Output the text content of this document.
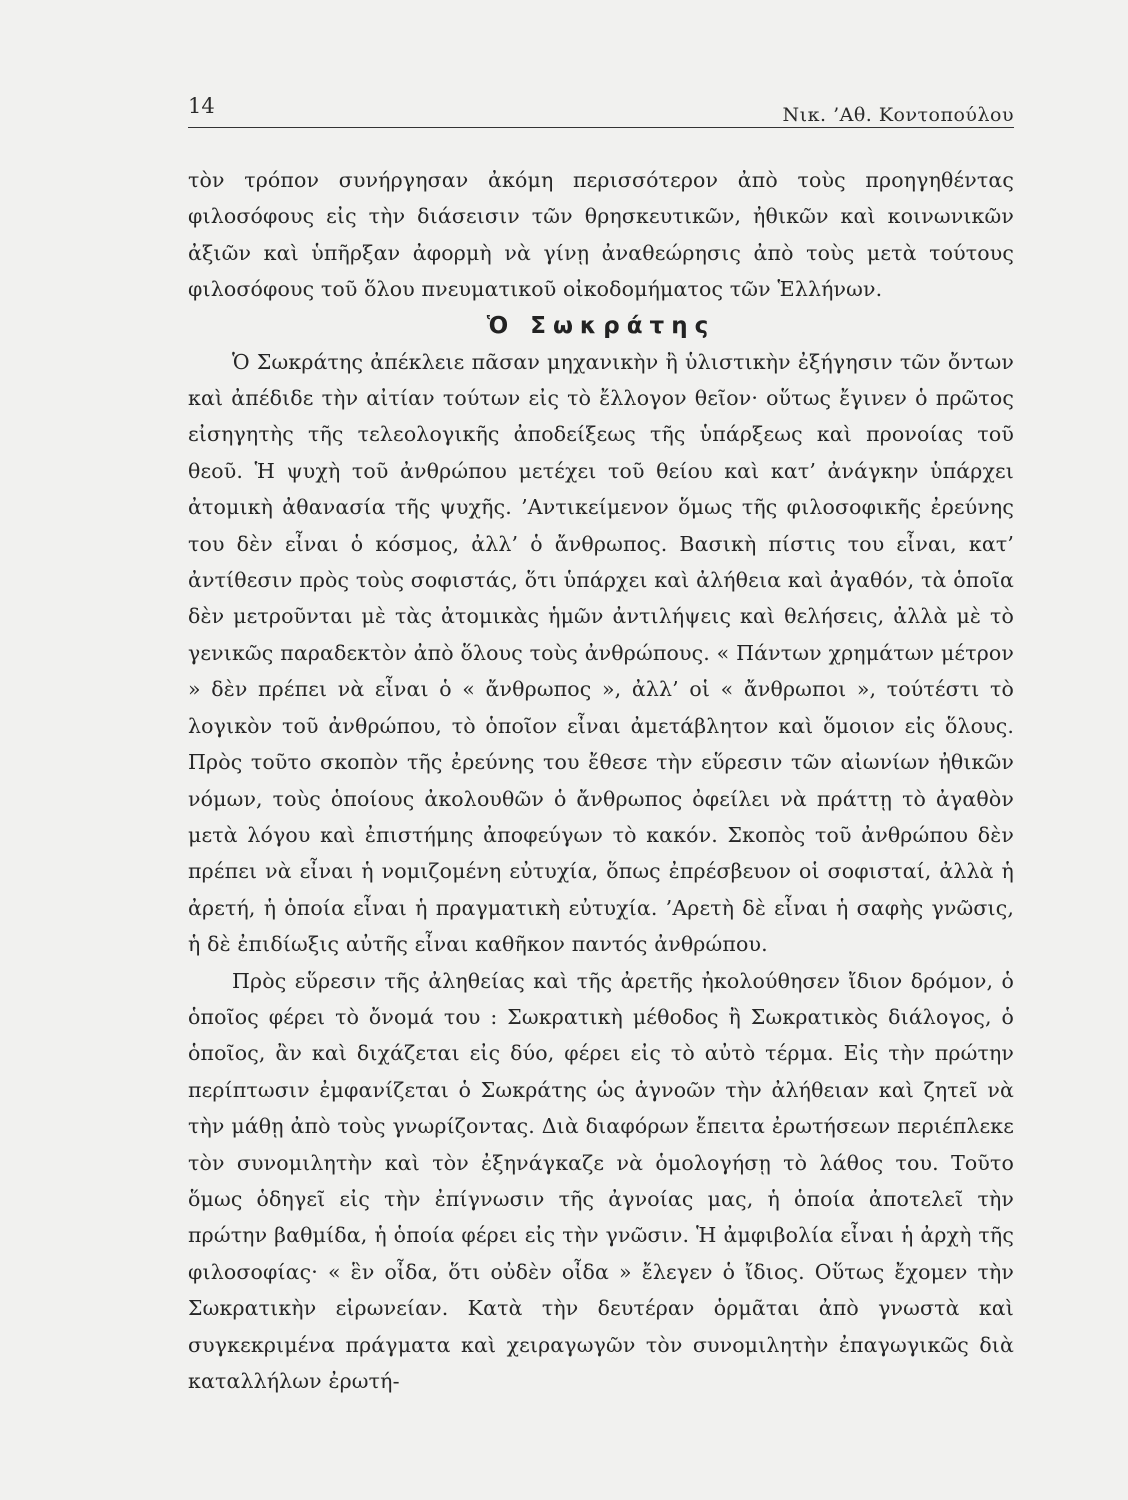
14	Νικ. ’Αθ. Κοντοπούλου

τὸν τρόπον συνήργησαν ἀκόμη περισσότερον ἀπὸ τοὺς προηγηθέντας φιλοσόφους εἰς τὴν διάσεισιν τῶν θρησκευτικῶν, ἠθικῶν καὶ κοινωνικῶν ἀξιῶν καὶ ὑπῆρξαν ἀφορμὴ νὰ γίνῃ ἀναθεώρησις ἀπὸ τοὺς μετὰ τούτους φιλοσόφους τοῦ ὅλου πνευματικοῦ οἰκοδομήματος τῶν Ἑλλήνων.

Ὁ Σωκράτης

Ὁ Σωκράτης ἀπέκλειε πᾶσαν μηχανικὴν ἢ ὑλιστικὴν ἐξήγησιν τῶν ὄντων καὶ ἀπέδιδε τὴν αἰτίαν τούτων εἰς τὸ ἔλλογον θεῖον· οὕτως ἔγινεν ὁ πρῶτος εἰσηγητὴς τῆς τελεολογικῆς ἀποδείξεως τῆς ὑπάρξεως καὶ προνοίας τοῦ θεοῦ. Ἡ ψυχὴ τοῦ ἀνθρώπου μετέχει τοῦ θείου καὶ κατ’ ἀνάγκην ὑπάρχει ἀτομικὴ ἀθανασία τῆς ψυχῆς. ’Αντικείμενον ὅμως τῆς φιλοσοφικῆς ἐρεύνης του δὲν εἶναι ὁ κόσμος, ἀλλ’ ὁ ἄνθρωπος. Βασικὴ πίστις του εἶναι, κατ’ ἀντίθεσιν πρὸς τοὺς σοφιστάς, ὅτι ὑπάρχει καὶ ἀλήθεια καὶ ἀγαθόν, τὰ ὁποῖα δὲν μετροῦνται μὲ τὰς ἀτομικὰς ἡμῶν ἀντιλήψεις καὶ θελήσεις, ἀλλὰ μὲ τὸ γενικῶς παραδεκτὸν ἀπὸ ὅλους τοὺς ἀνθρώπους. « Πάντων χρημάτων μέτρον » δὲν πρέπει νὰ εἶναι ὁ « ἄνθρωπος », ἀλλ’ οἱ « ἄνθρωποι », τούτέστι τὸ λογικὸν τοῦ ἀνθρώπου, τὸ ὁποῖον εἶναι ἀμετάβλητον καὶ ὅμοιον εἰς ὅλους. Πρὸς τοῦτο σκοπὸν τῆς ἐρεύνης του ἔθεσε τὴν εὕρεσιν τῶν αἰωνίων ἠθικῶν νόμων, τοὺς ὁποίους ἀκολουθῶν ὁ ἄνθρωπος ὀφείλει νὰ πράττῃ τὸ ἀγαθὸν μετὰ λόγου καὶ ἐπιστήμης ἀποφεύγων τὸ κακόν. Σκοπὸς τοῦ ἀνθρώπου δὲν πρέπει νὰ εἶναι ἡ νομιζομένη εὐτυχία, ὅπως ἐπρέσβευον οἱ σοφισταί, ἀλλὰ ἡ ἀρετή, ἡ ὁποία εἶναι ἡ πραγματικὴ εὐτυχία. ’Αρετὴ δὲ εἶναι ἡ σαφὴς γνῶσις, ἡ δὲ ἐπιδίωξις αὐτῆς εἶναι καθῆκον παντός ἀνθρώπου.

Πρὸς εὕρεσιν τῆς ἀληθείας καὶ τῆς ἀρετῆς ἠκολούθησεν ἴδιον δρόμον, ὁ ὁποῖος φέρει τὸ ὄνομά του : Σωκρατικὴ μέθοδος ἢ Σωκρατικὸς διάλογος, ὁ ὁποῖος, ἂν καὶ διχάζεται εἰς δύο, φέρει εἰς τὸ αὐτὸ τέρμα. Εἰς τὴν πρώτην περίπτωσιν ἐμφανίζεται ὁ Σωκράτης ὡς ἀγνοῶν τὴν ἀλήθειαν καὶ ζητεῖ νὰ τὴν μάθῃ ἀπὸ τοὺς γνωρίζοντας. Διὰ διαφόρων ἔπειτα ἐρωτήσεων περιέπλεκε τὸν συνομιλητὴν καὶ τὸν ἐξηνάγκαζε νὰ ὁμολογήσῃ τὸ λάθος του. Τοῦτο ὅμως ὁδηγεῖ εἰς τὴν ἐπίγνωσιν τῆς ἀγνοίας μας, ἡ ὁποία ἀποτελεῖ τὴν πρώτην βαθμίδα, ἡ ὁποία φέρει εἰς τὴν γνῶσιν. Ἡ ἀμφιβολία εἶναι ἡ ἀρχὴ τῆς φιλοσοφίας· « ἓν οἶδα, ὅτι οὐδὲν οἶδα » ἔλεγεν ὁ ἴδιος. Οὕτως ἔχομεν τὴν Σωκρατικὴν εἰρωνείαν. Κατὰ τὴν δευτέραν ὁρμᾶται ἀπὸ γνωστὰ καὶ συγκεκριμένα πράγματα καὶ χειραγωγῶν τὸν συνομιλητὴν ἐπαγωγικῶς διὰ καταλλήλων ἐρωτή-
